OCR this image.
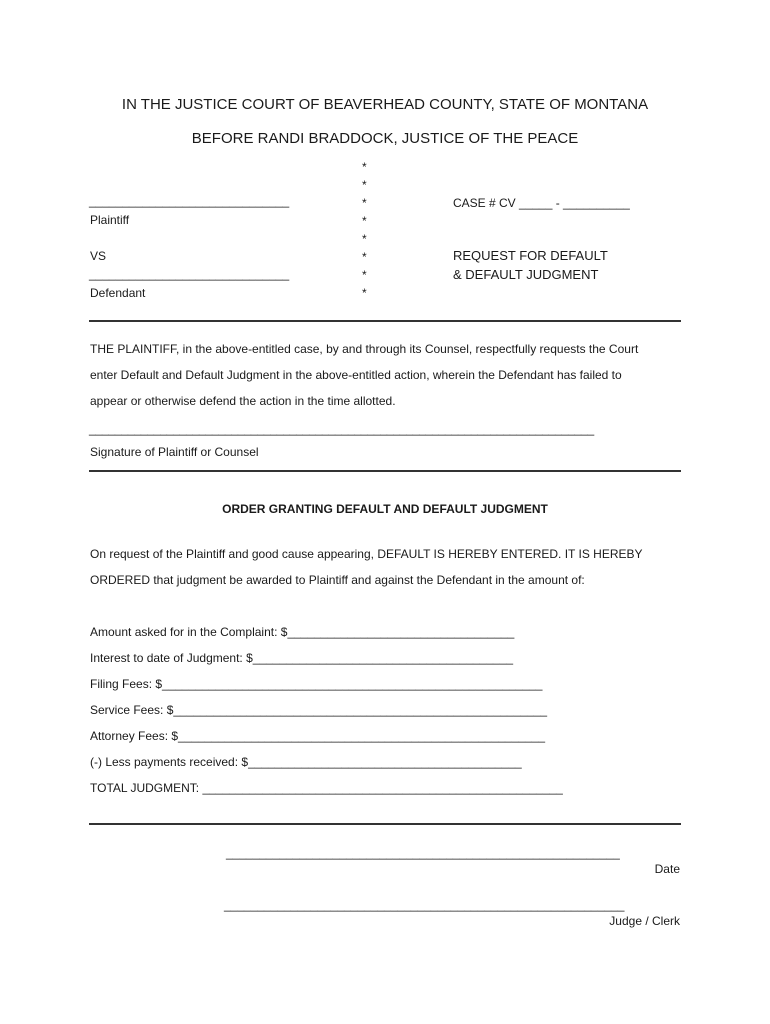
IN THE JUSTICE COURT OF BEAVERHEAD COUNTY, STATE OF MONTANA
BEFORE RANDI BRADDOCK, JUSTICE OF THE PEACE
______________________________
Plaintiff
VS
______________________________
Defendant
*
*
*
*
*
*
*
*
CASE # CV _____ - __________
REQUEST FOR DEFAULT
& DEFAULT JUDGMENT
THE PLAINTIFF, in the above-entitled case, by and through its Counsel, respectfully requests the Court
enter Default and Default Judgment in the above-entitled action, wherein the Defendant has failed to
appear or otherwise defend the action in the time allotted.
______________________________________________________________________________
Signature of Plaintiff or Counsel
ORDER GRANTING DEFAULT AND DEFAULT JUDGMENT
On request of the Plaintiff and good cause appearing, DEFAULT IS HEREBY ENTERED. IT IS HEREBY
ORDERED that judgment be awarded to Plaintiff and against the Defendant in the amount of:
Amount asked for in the Complaint: $__________________________________
Interest to date of Judgment: $_______________________________________
Filing Fees: $_________________________________________________________
Service Fees: $________________________________________________________
Attorney Fees: $_______________________________________________________
(-) Less payments received: $_________________________________________
TOTAL JUDGMENT: ______________________________________________________
___________________________________________________________
Date
____________________________________________________________
Judge / Clerk
